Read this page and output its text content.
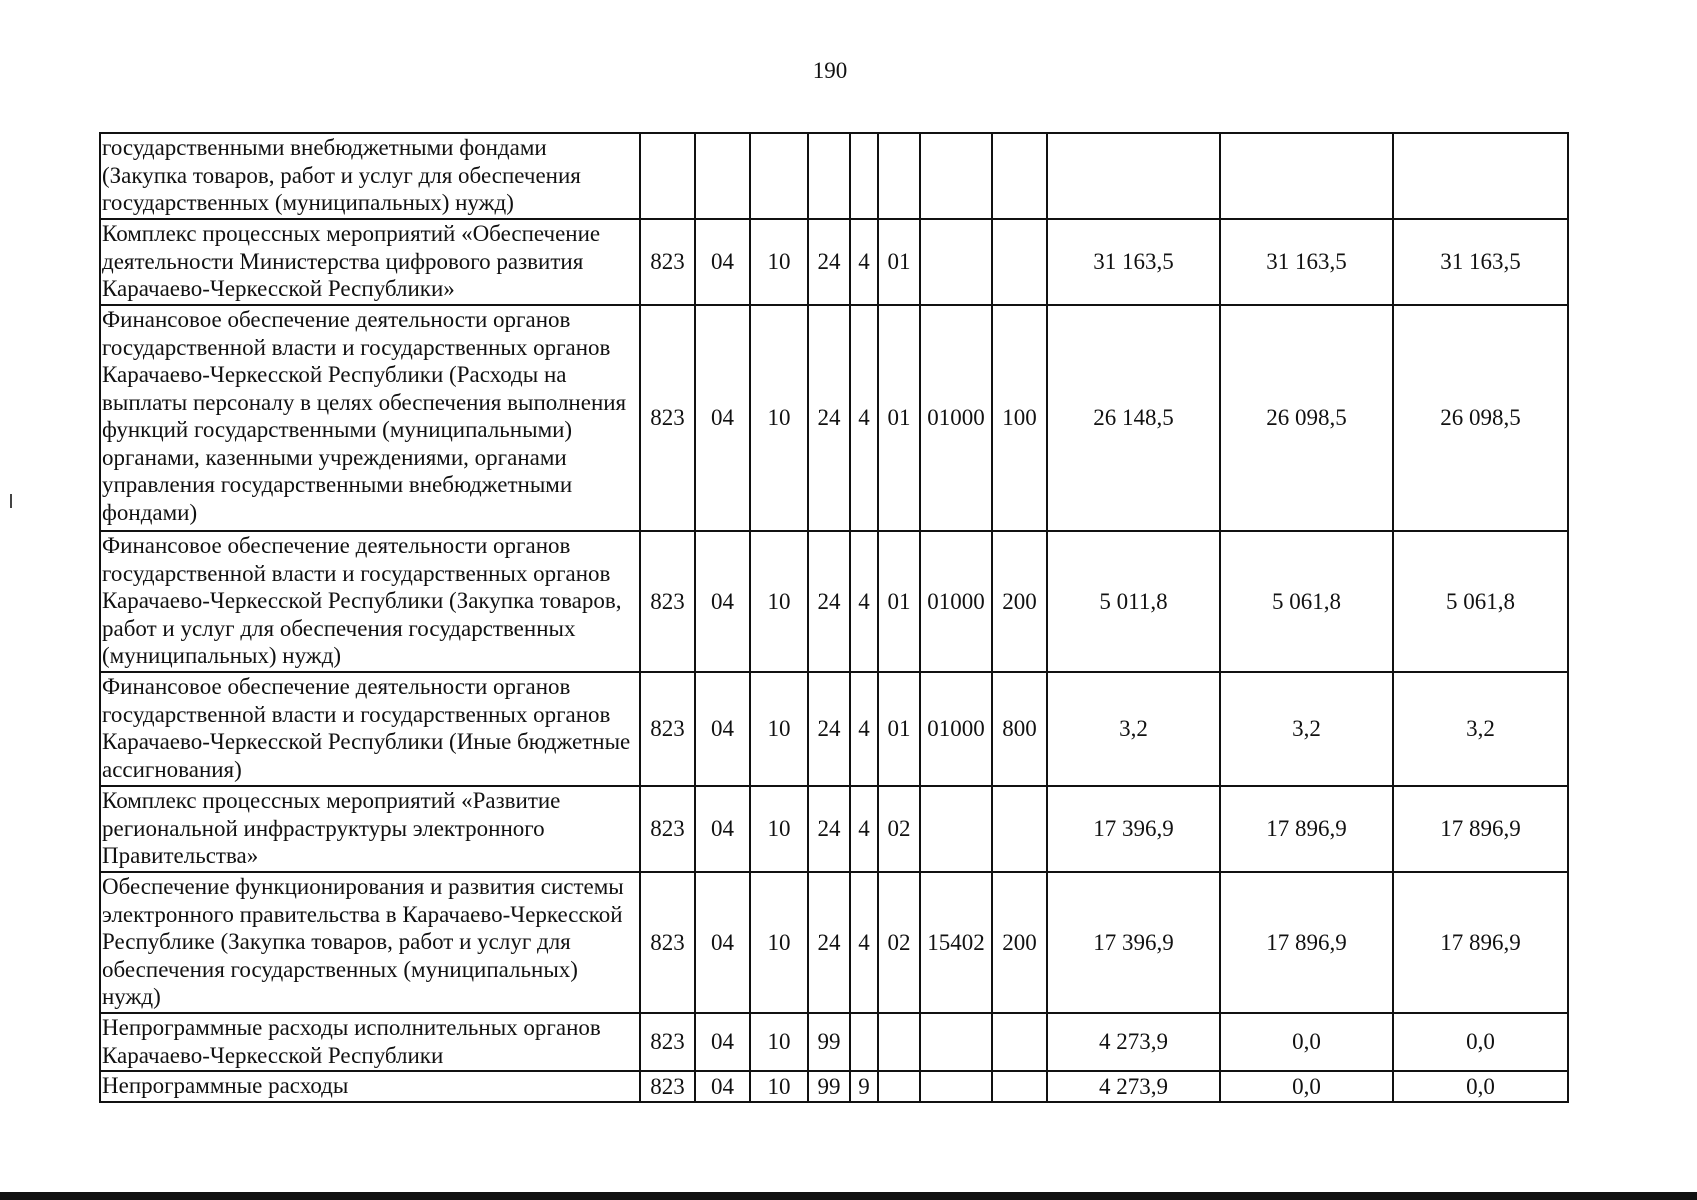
190
государственными внебюджетными фондами (Закупка товаров, работ и услуг для обеспечения государственных (муниципальных) нужд)											
Комплекс процессных мероприятий «Обеспечение деятельности Министерства цифрового развития Карачаево-Черкесской Республики»	823	04	10	24	4	01			31 163,5	31 163,5	31 163,5
Финансовое обеспечение деятельности органов государственной власти и государственных органов Карачаево-Черкесской Республики (Расходы на выплаты персоналу в целях обеспечения выполнения функций государственными (муниципальными) органами, казенными учреждениями, органами управления государственными внебюджетными фондами)	823	04	10	24	4	01	01000	100	26 148,5	26 098,5	26 098,5
Финансовое обеспечение деятельности органов государственной власти и государственных органов Карачаево-Черкесской Республики (Закупка товаров, работ и услуг для обеспечения государственных (муниципальных) нужд)	823	04	10	24	4	01	01000	200	5 011,8	5 061,8	5 061,8
Финансовое обеспечение деятельности органов государственной власти и государственных органов Карачаево-Черкесской Республики (Иные бюджетные ассигнования)	823	04	10	24	4	01	01000	800	3,2	3,2	3,2
Комплекс процессных мероприятий «Развитие региональной инфраструктуры электронного Правительства»	823	04	10	24	4	02			17 396,9	17 896,9	17 896,9
Обеспечение функционирования и развития системы электронного правительства в Карачаево-Черкесской Республике (Закупка товаров, работ и услуг для обеспечения государственных (муниципальных) нужд)	823	04	10	24	4	02	15402	200	17 396,9	17 896,9	17 896,9
Непрограммные расходы исполнительных органов Карачаево-Черкесской Республики	823	04	10	99					4 273,9	0,0	0,0
Непрограммные расходы	823	04	10	99	9				4 273,9	0,0	0,0
